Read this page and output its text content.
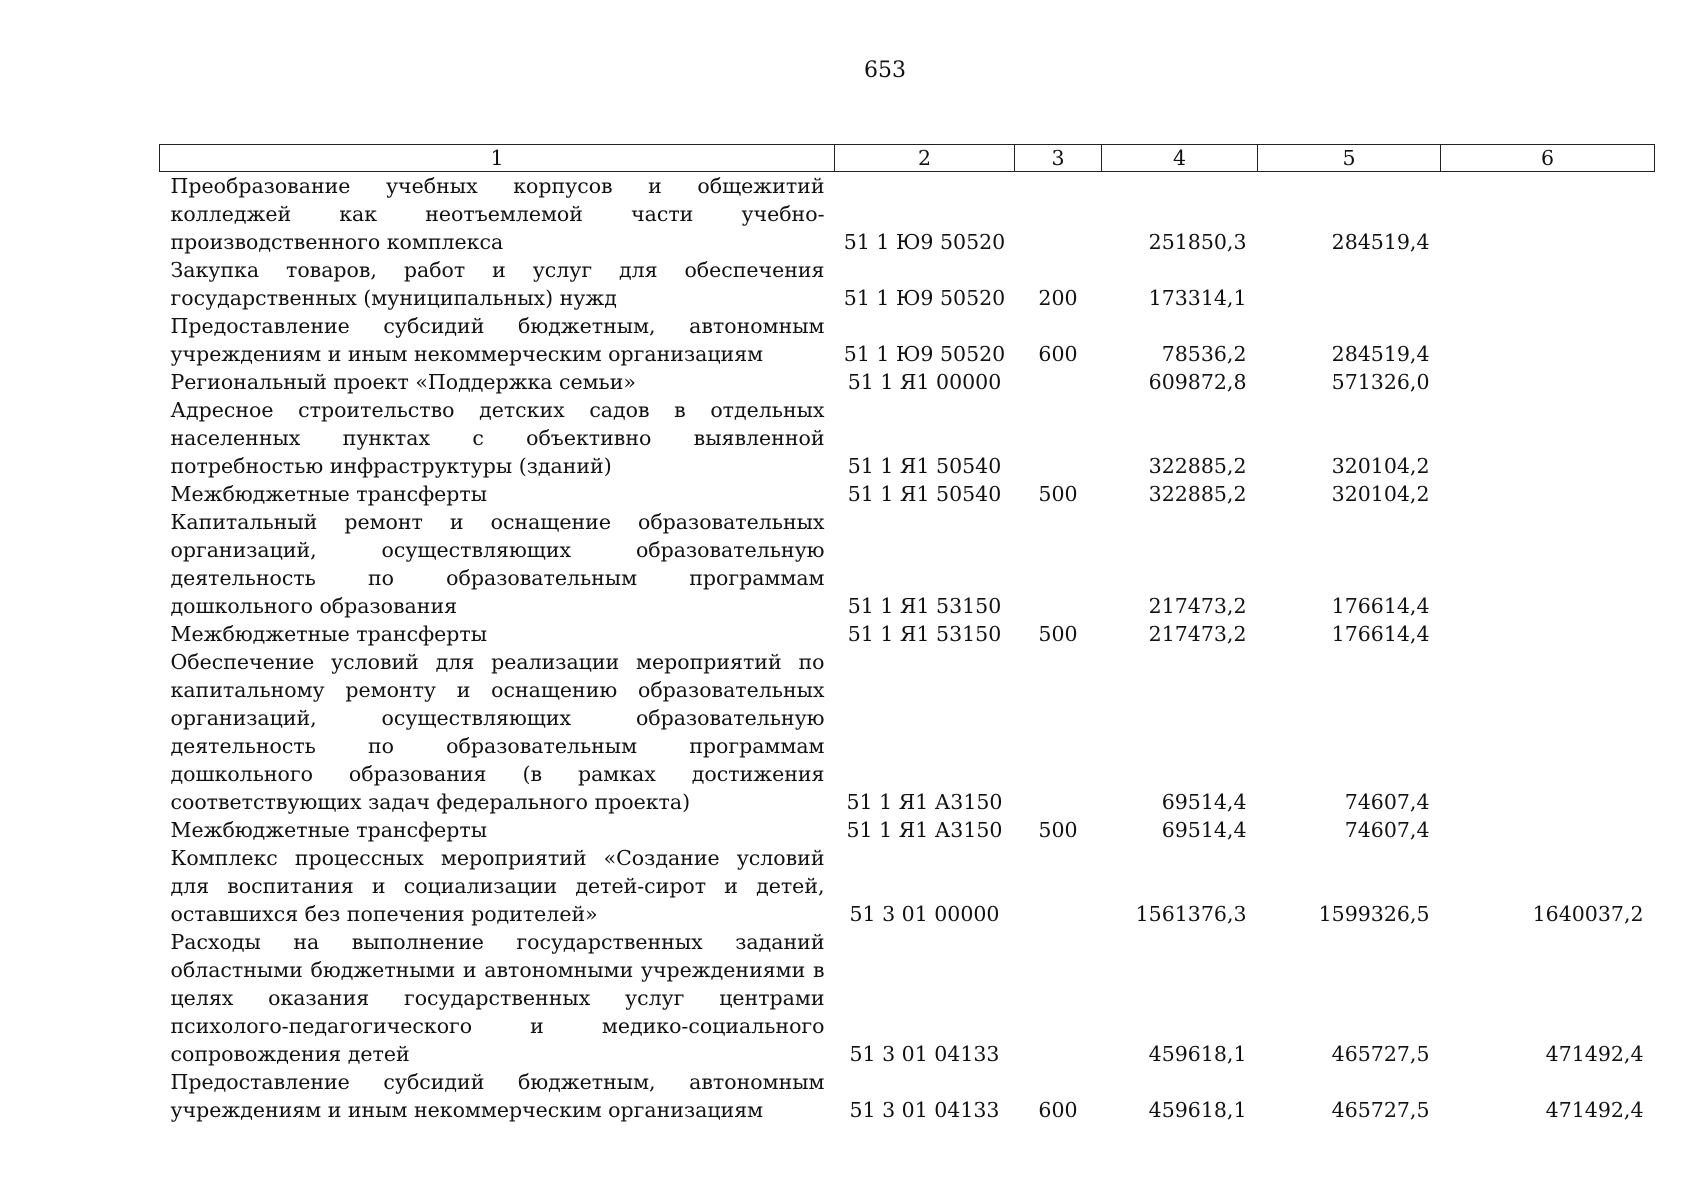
653
1	2	3	4	5	6
Преобразование учебных корпусов и общежитий колледжей как неотъемлемой части учебно-производственного комплекса	51 1 Ю9 50520		251850,3	284519,4	
Закупка товаров, работ и услуг для обеспечения государственных (муниципальных) нужд	51 1 Ю9 50520	200	173314,1		
Предоставление субсидий бюджетным, автономным учреждениям и иным некоммерческим организациям	51 1 Ю9 50520	600	78536,2	284519,4	
Региональный проект «Поддержка семьи»	51 1 Я1 00000		609872,8	571326,0	
Адресное строительство детских садов в отдельных населенных пунктах с объективно выявленной потребностью инфраструктуры (зданий)	51 1 Я1 50540		322885,2	320104,2	
Межбюджетные трансферты	51 1 Я1 50540	500	322885,2	320104,2	
Капитальный ремонт и оснащение образовательных организаций, осуществляющих образовательную деятельность по образовательным программам дошкольного образования	51 1 Я1 53150		217473,2	176614,4	
Межбюджетные трансферты	51 1 Я1 53150	500	217473,2	176614,4	
Обеспечение условий для реализации мероприятий по капитальному ремонту и оснащению образовательных организаций, осуществляющих образовательную деятельность по образовательным программам дошкольного образования (в рамках достижения соответствующих задач федерального проекта)	51 1 Я1 А3150		69514,4	74607,4	
Межбюджетные трансферты	51 1 Я1 А3150	500	69514,4	74607,4	
Комплекс процессных мероприятий «Создание условий для воспитания и социализации детей-сирот и детей, оставшихся без попечения родителей»	51 3 01 00000		1561376,3	1599326,5	1640037,2
Расходы на выполнение государственных заданий областными бюджетными и автономными учреждениями в целях оказания государственных услуг центрами психолого-педагогического и медико-социального сопровождения детей	51 3 01 04133		459618,1	465727,5	471492,4
Предоставление субсидий бюджетным, автономным учреждениям и иным некоммерческим организациям	51 3 01 04133	600	459618,1	465727,5	471492,4
